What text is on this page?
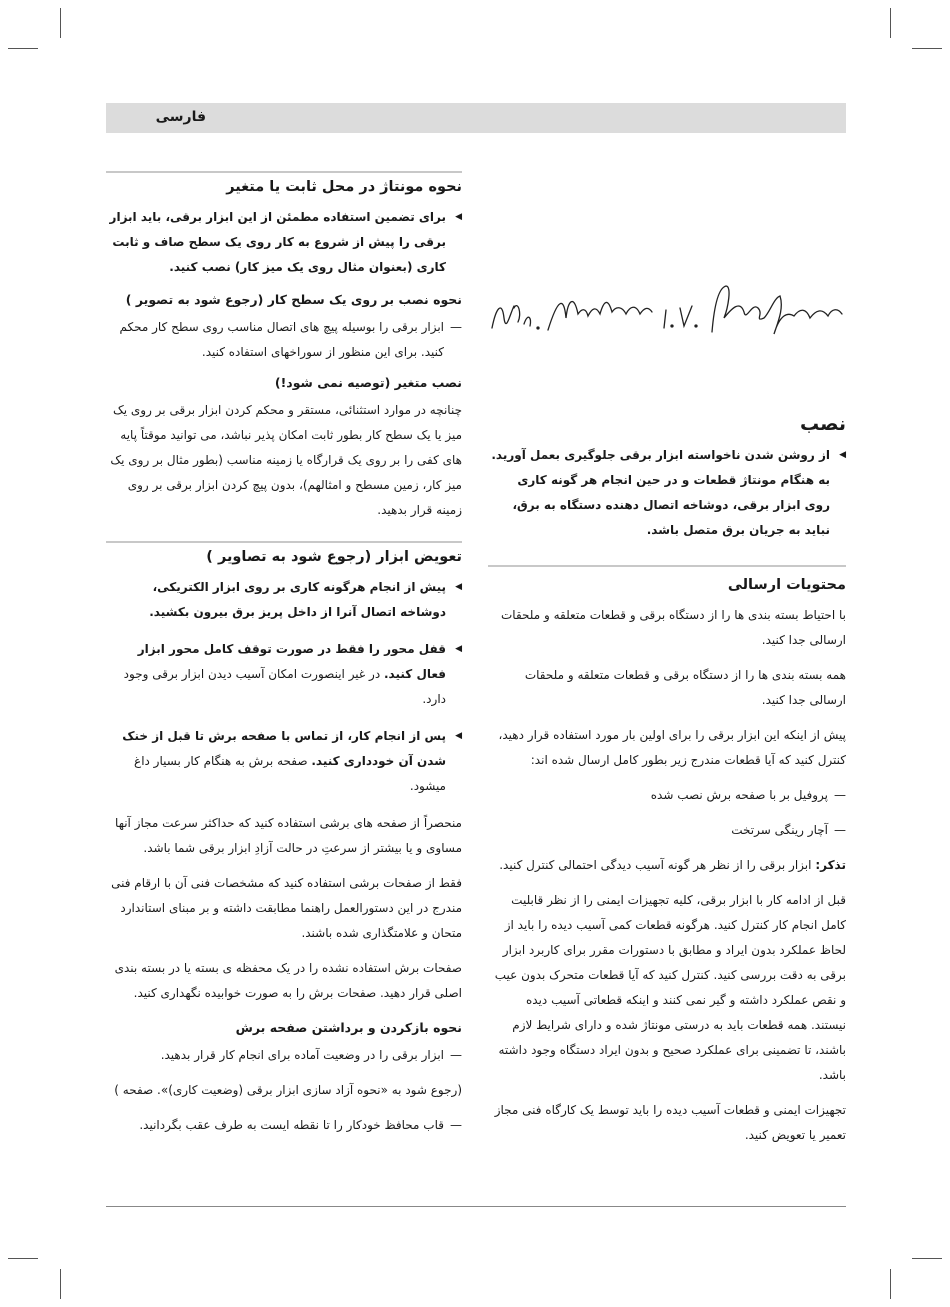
فارسی
نحوه مونتاژ در محل ثابت یا متغیر
◀ برای تضمین استفاده مطمئن از این ابزار برقی، باید ابزار برقی را پیش از شروع به کار روی یک سطح صاف و ثابت کاری (بعنوان مثال روی یک میز کار) نصب کنید.
نحوه نصب بر روی یک سطح کار (رجوع شود به تصویر )
— ابزار برقی را بوسیله پیچ های اتصال مناسب روی سطح کار محکم کنید. برای این منظور از سوراخهای استفاده کنید.
نصب متغیر (توصیه نمی شود!)

چنانچه در موارد استثنائی، مستقر و محکم کردن ابزار برقی بر روی یک میز یا یک سطح کار بطور ثابت امکان پذیر نباشد، می توانید موقتاً پایه های کفی را بر روی یک قرارگاه یا زمینه مناسب (بطور مثال بر روی یک میز کار، زمین مسطح و امثالهم)، بدون پیچ کردن ابزار برقی بر روی زمینه قرار بدهید.

تعویض ابزار (رجوع شود به تصاویر )
◀ پیش از انجام هرگونه کاری بر روی ابزار الکتریکی، دوشاخه اتصال آنرا از داخل پریز برق بیرون بکشید.
◀ قفل محور را فقط در صورت توقف کامل محور ابزار فعال کنید. در غیر اینصورت امکان آسیب دیدن ابزار برقی وجود دارد.
◀ پس از انجام کار، از تماس با صفحه برش تا قبل از خنک شدن آن خودداری کنید. صفحه برش به هنگام کار بسیار داغ میشود.

منحصراً از صفحه های برشی استفاده کنید که حداکثر سرعت مجاز آنها مساوی و یا بیشتر از سرعتِ در حالت آزادِ ابزار برقی شما باشد.

فقط از صفحات برشی استفاده کنید که مشخصات فنی آن با ارقام فنی مندرج در این دستورالعمل راهنما مطابقت داشته و بر مبنای استاندارد متحان و علامتگذاری شده باشند.

صفحات برش استفاده نشده را در یک محفظه ی بسته یا در بسته بندی اصلی قرار دهید. صفحات برش را به صورت خوابیده نگهداری کنید.

نحوه بازکردن و برداشتن صفحه برش
— ابزار برقی را در وضعیت آماده برای انجام کار قرار بدهید.

(رجوع شود به «نحوه آزاد سازی ابزار برقی (وضعیت کاری)». صفحه )

— قاب محافظ خودکار را تا نقطه ایست به طرف عقب بگردانید.
نصب
◀ از روشن شدن ناخواسته ابزار برقی جلوگیری بعمل آورید. به هنگام مونتاژ قطعات و در حین انجام هر گونه کاری روی ابزار برقی، دوشاخه اتصال دهنده دستگاه به برق، نباید به جریان برق متصل باشد.
محتویات ارسالی

با احتیاط بسته بندی ها را از دستگاه برقی و قطعات متعلقه و ملحقات ارسالی جدا کنید.

همه بسته بندی ها را از دستگاه برقی و قطعات متعلقه و ملحقات ارسالی جدا کنید.

پیش از اینکه این ابزار برقی را برای اولین بار مورد استفاده قرار دهید، کنترل کنید که آیا قطعات مندرج زیر بطور کامل ارسال شده اند:

— پروفیل بر با صفحه برش نصب شده
— آچار رینگی سرتخت

تذکر: ابزار برقی را از نظر هر گونه آسیب دیدگی احتمالی کنترل کنید.

قبل از ادامه کار با ابزار برقی، کلیه تجهیزات ایمنی را از نظر قابلیت کامل انجام کار کنترل کنید. هرگونه قطعات کمی آسیب دیده را باید از لحاظ عملکرد بدون ایراد و مطابق با دستورات مقرر برای کاربرد ابزار برقی به دقت بررسی کنید. کنترل کنید که آیا قطعات متحرک بدون عیب و نقص عملکرد داشته و گیر نمی کنند و اینکه قطعاتی آسیب دیده نیستند. همه قطعات باید به درستی مونتاژ شده و دارای شرایط لازم باشند، تا تضمینی برای عملکرد صحیح و بدون ایراد دستگاه وجود داشته باشد.

تجهیزات ایمنی و قطعات آسیب دیده را باید توسط یک کارگاه فنی مجاز تعمیر یا تعویض کنید.
